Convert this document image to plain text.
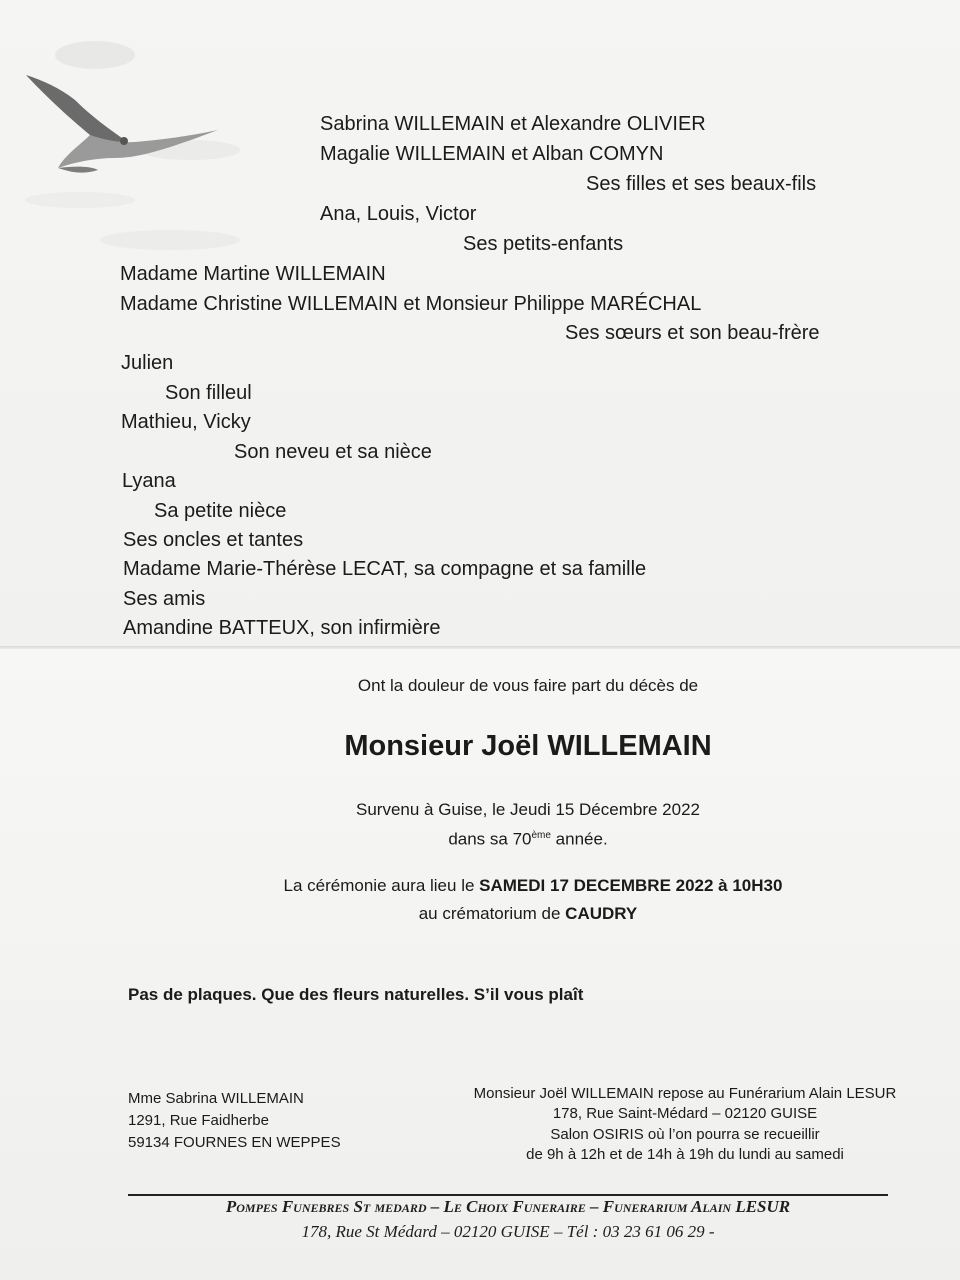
Sabrina WILLEMAIN et Alexandre OLIVIER
Magalie WILLEMAIN et Alban COMYN
Ses filles et ses beaux-fils
Ana, Louis, Victor
Ses petits-enfants
Madame Martine WILLEMAIN
Madame Christine WILLEMAIN et Monsieur Philippe MARÉCHAL
Ses sœurs et son beau-frère
Julien
Son filleul
Mathieu, Vicky
Son neveu et sa nièce
Lyana
Sa petite nièce
Ses oncles et tantes
Madame Marie-Thérèse LECAT, sa compagne et sa famille
Ses amis
Amandine BATTEUX, son infirmière
Ont la douleur de vous faire part du décès de
Monsieur Joël WILLEMAIN
Survenu à Guise, le Jeudi 15 Décembre 2022
dans sa 70ème année.
La cérémonie aura lieu le SAMEDI 17 DECEMBRE 2022 à 10H30
au crématorium de CAUDRY
Pas de plaques. Que des fleurs naturelles. S’il vous plaît
Mme Sabrina WILLEMAIN
1291, Rue Faidherbe
59134 FOURNES EN WEPPES
Monsieur Joël WILLEMAIN repose au Funérarium Alain LESUR
178, Rue Saint-Médard – 02120 GUISE
Salon OSIRIS où l’on pourra se recueillir
de 9h à 12h et de 14h à 19h du lundi au samedi
Pompes Funebres St medard – Le Choix Funeraire – Funerarium Alain LESUR
178, Rue St Médard – 02120 GUISE – Tél : 03 23 61 06 29 -
